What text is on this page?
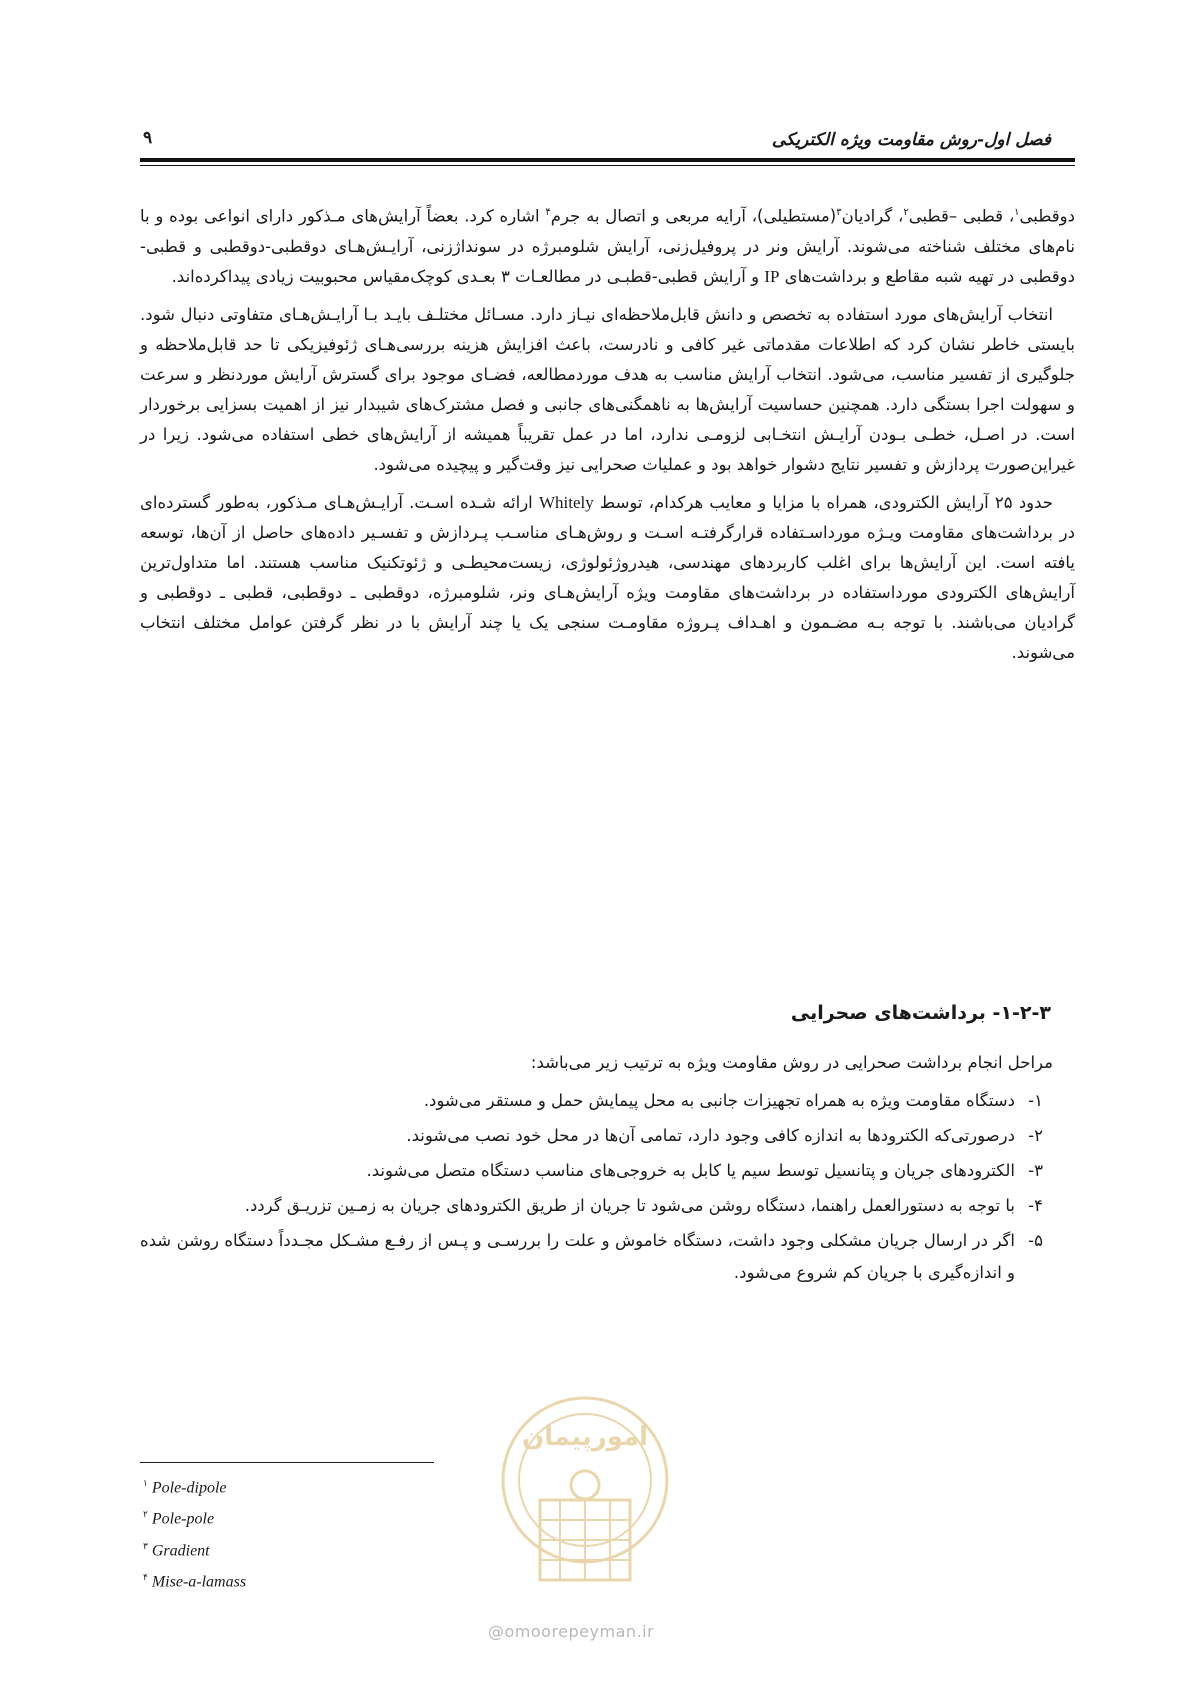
فصل اول-روش مقاومت ویژه الکتریکی
۹

دوقطبی$^۱$، قطبی –قطبی$^۲$، گرادیان$^۳$(مستطیلی)، آرایه مربعی و اتصال به جرم$^۴$ اشاره کرد. بعضاً آرایش‌های مـذکور دارای انواعی بوده و با نام‌های مختلف شناخته می‌شوند. آرایش ونر در پروفیل‌زنی، آرایش شلومبرژه در سونداژزنی، آرایـش‌هـای دوقطبی-دوقطبی و قطبی-دوقطبی در تهیه شبه مقاطع و برداشت‌های IP و آرایش قطبی-قطبـی در مطالعـات ۳ بعـدی کوچک‌مقیاس محبوبیت زیادی پیداکرده‌اند.

انتخاب آرایش‌های مورد استفاده به تخصص و دانش قابل‌ملاحظه‌ای نیـاز دارد. مسـائل مختلـف بایـد بـا آرایـش‌هـای متفاوتی دنبال شود. بایستی خاطر نشان کرد که اطلاعات مقدماتی غیر کافی و نادرست، باعث افزایش هزینه بررسی‌هـای ژئوفیزیکی تا حد قابل‌ملاحظه و جلوگیری از تفسیر مناسب، می‌شود. انتخاب آرایش مناسب به هدف موردمطالعه، فضـای موجود برای گسترش آرایش موردنظر و سرعت و سهولت اجرا بستگی دارد. همچنین حساسیت آرایش‌ها به ناهمگنی‌های جانبی و فصل مشترک‌های شیبدار نیز از اهمیت بسزایی برخوردار است. در اصـل، خطـی بـودن آرایـش انتخـابی لزومـی ندارد، اما در عمل تقریباً همیشه از آرایش‌های خطی استفاده می‌شود. زیرا در غیراین‌صورت پردازش و تفسیر نتایج دشوار خواهد بود و عملیات صحرایی نیز وقت‌گیر و پیچیده می‌شود.

حدود ۲۵ آرایش الکترودی، همراه با مزایا و معایب هرکدام، توسط Whitely ارائه شـده اسـت. آرایـش‌هـای مـذکور، به‌طور گسترده‌ای در برداشت‌های مقاومت ویـژه مورداسـتفاده قرارگرفتـه اسـت و روش‌هـای مناسـب پـردازش و تفسـیر داده‌های حاصل از آن‌ها، توسعه یافته است. این آرایش‌ها برای اغلب کاربردهای مهندسی، هیدروژئولوژی، زیست‌محیطـی و ژئوتکنیک مناسب هستند. اما متداول‌ترین آرایش‌های الکترودی مورداستفاده در برداشت‌های مقاومت ویژه آرایش‌هـای ونر، شلومبرژه، دوقطبی ـ دوقطبی، قطبی ـ دوقطبی و گرادیان می‌باشند. با توجه بـه مضـمون و اهـداف پـروژه مقاومـت سنجی یک یا چند آرایش با در نظر گرفتن عوامل مختلف انتخاب می‌شوند.

۱-۲-۳- برداشت‌های صحرایی
مراحل انجام برداشت صحرایی در روش مقاومت ویژه به ترتیب زیر می‌باشد:
۱-
دستگاه مقاومت ویژه به همراه تجهیزات جانبی به محل پیمایش حمل و مستقر می‌شود.
۲-
درصورتی‌که الکترودها به اندازه کافی وجود دارد، تمامی آن‌ها در محل خود نصب می‌شوند.
۳-
الکترودهای جریان و پتانسیل توسط سیم یا کابل به خروجی‌های مناسب دستگاه متصل می‌شوند.
۴-
با توجه به دستورالعمل راهنما، دستگاه روشن می‌شود تا جریان از طریق الکترودهای جریان به زمـین تزریـق گردد.
۵-
اگر در ارسال جریان مشکلی وجود داشت، دستگاه خاموش و علت را بررسـی و پـس از رفـع مشـکل مجـدداً دستگاه روشن شده و اندازه‌گیری با جریان کم شروع می‌شود.
امورپیمان
@omoorepeyman.ir
$^۱$ Pole-dipole
$^۲$ Pole-pole
$^۳$ Gradient
$^۴$ Mise-a-lamass
